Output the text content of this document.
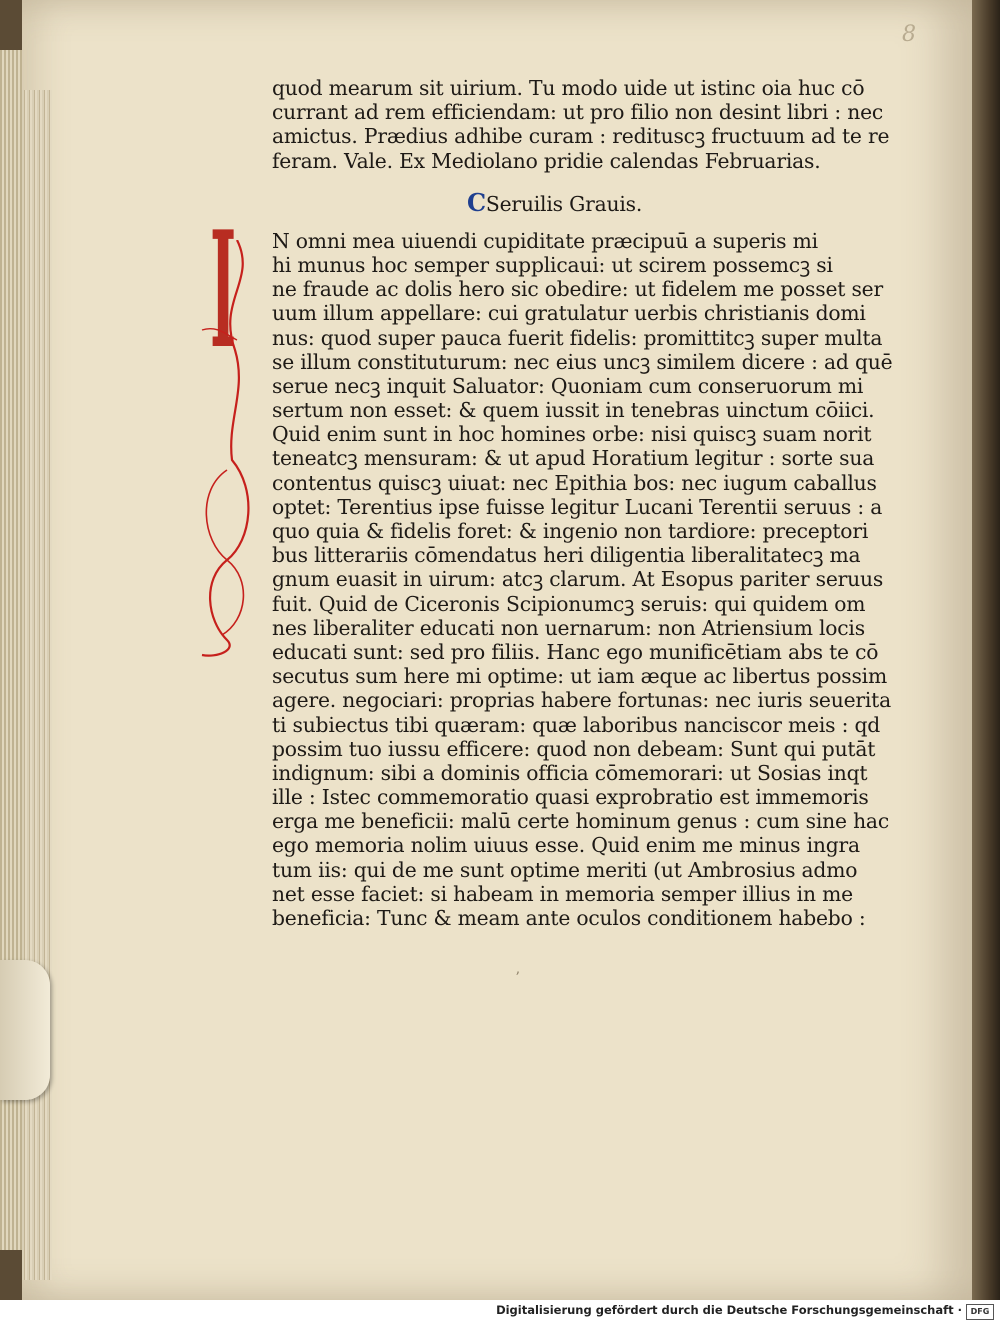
8
quod mearum sit uirium. Tu modo uide ut istinc oia huc cō
currant ad rem efficiendam: ut pro filio non desint libri : nec
amictus. Prædius adhibe curam : redituscꝫ fructuum ad te re
feram. Vale. Ex Mediolano pridie calendas Februarias.
CSeruilis Grauis.
I N omni mea uiuendi cupiditate præcipuū a superis mi
hi munus hoc semper supplicaui: ut scirem possemcꝫ si
ne fraude ac dolis hero sic obedire: ut fidelem me posset ser
uum illum appellare: cui gratulatur uerbis christianis domi
nus: quod super pauca fuerit fidelis: promittitcꝫ super multa
se illum constituturum: nec eius uncꝫ similem dicere : ad quē
serue necꝫ inquit Saluator: Quoniam cum conseruorum mi
sertum non esset: & quem iussit in tenebras uinctum cōiici.
Quid enim sunt in hoc homines orbe: nisi quiscꝫ suam norit
teneatcꝫ mensuram: & ut apud Horatium legitur : sorte sua
contentus quiscꝫ uiuat: nec Epithia bos: nec iugum caballus
optet: Terentius ipse fuisse legitur Lucani Terentii seruus : a
quo quia & fidelis foret: & ingenio non tardiore: preceptori
bus litterariis cōmendatus heri diligentia liberalitatecꝫ ma
gnum euasit in uirum: atcꝫ clarum. At Esopus pariter seruus
fuit. Quid de Ciceronis Scipionumcꝫ seruis: qui quidem om
nes liberaliter educati non uernarum: non Atriensium locis
educati sunt: sed pro filiis. Hanc ego munificētiam abs te cō
secutus sum here mi optime: ut iam æque ac libertus possim
agere. negociari: proprias habere fortunas: nec iuris seuerita
ti subiectus tibi quæram: quæ laboribus nanciscor meis : qd
possim tuo iussu efficere: quod non debeam: Sunt qui putāt
indignum: sibi a dominis officia cōmemorari: ut Sosias inqt
ille : Istec commemoratio quasi exprobratio est immemoris
erga me beneficii: malū certe hominum genus : cum sine hac
ego memoria nolim uiuus esse. Quid enim me minus ingra
tum iis: qui de me sunt optime meriti (ut Ambrosius admo
net esse faciet: si habeam in memoria semper illius in me
beneficia: Tunc & meam ante oculos conditionem habebo :
ʼ
Digitalisierung gefördert durch die Deutsche Forschungsgemeinschaft ·	DFG
